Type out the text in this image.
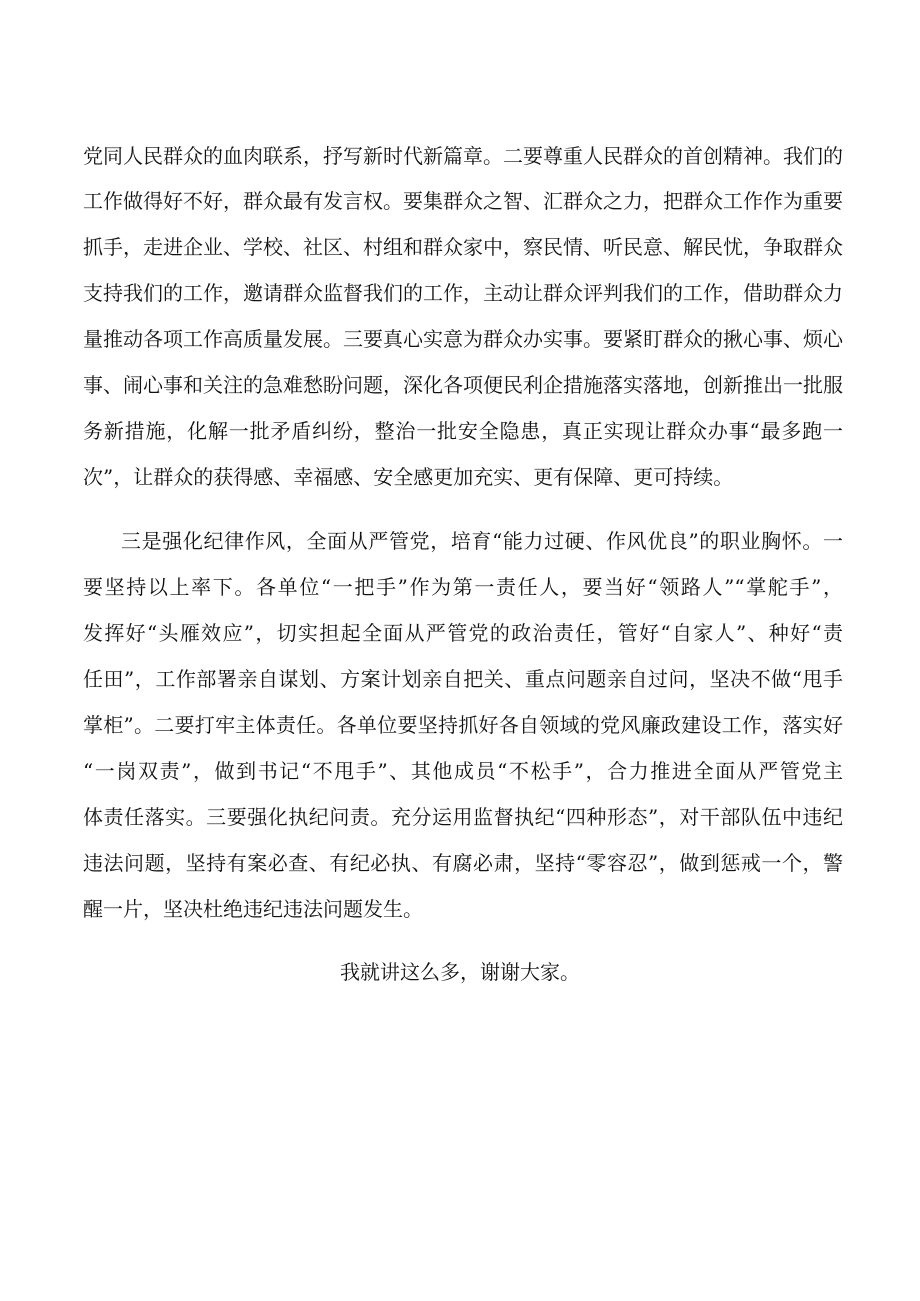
党同人民群众的血肉联系，抒写新时代新篇章。二要尊重人民群众的首创精神。我们的
工作做得好不好，群众最有发言权。要集群众之智、汇群众之力，把群众工作作为重要
抓手，走进企业、学校、社区、村组和群众家中，察民情、听民意、解民忧，争取群众
支持我们的工作，邀请群众监督我们的工作，主动让群众评判我们的工作，借助群众力
量推动各项工作高质量发展。三要真心实意为群众办实事。要紧盯群众的揪心事、烦心
事、闹心事和关注的急难愁盼问题，深化各项便民利企措施落实落地，创新推出一批服
务新措施，化解一批矛盾纠纷，整治一批安全隐患，真正实现让群众办事“最多跑一
次”，让群众的获得感、幸福感、安全感更加充实、更有保障、更可持续。
三是强化纪律作风，全面从严管党，培育“能力过硬、作风优良”的职业胸怀。一
要坚持以上率下。各单位“一把手”作为第一责任人，要当好“领路人”“掌舵手”，
发挥好“头雁效应”，切实担起全面从严管党的政治责任，管好“自家人”、种好“责
任田”，工作部署亲自谋划、方案计划亲自把关、重点问题亲自过问，坚决不做“甩手
掌柜”。二要打牢主体责任。各单位要坚持抓好各自领域的党风廉政建设工作，落实好
“一岗双责”，做到书记“不甩手”、其他成员“不松手”，合力推进全面从严管党主
体责任落实。三要强化执纪问责。充分运用监督执纪“四种形态”，对干部队伍中违纪
违法问题，坚持有案必查、有纪必执、有腐必肃，坚持“零容忍”，做到惩戒一个，警
醒一片，坚决杜绝违纪违法问题发生。
我就讲这么多，谢谢大家。
